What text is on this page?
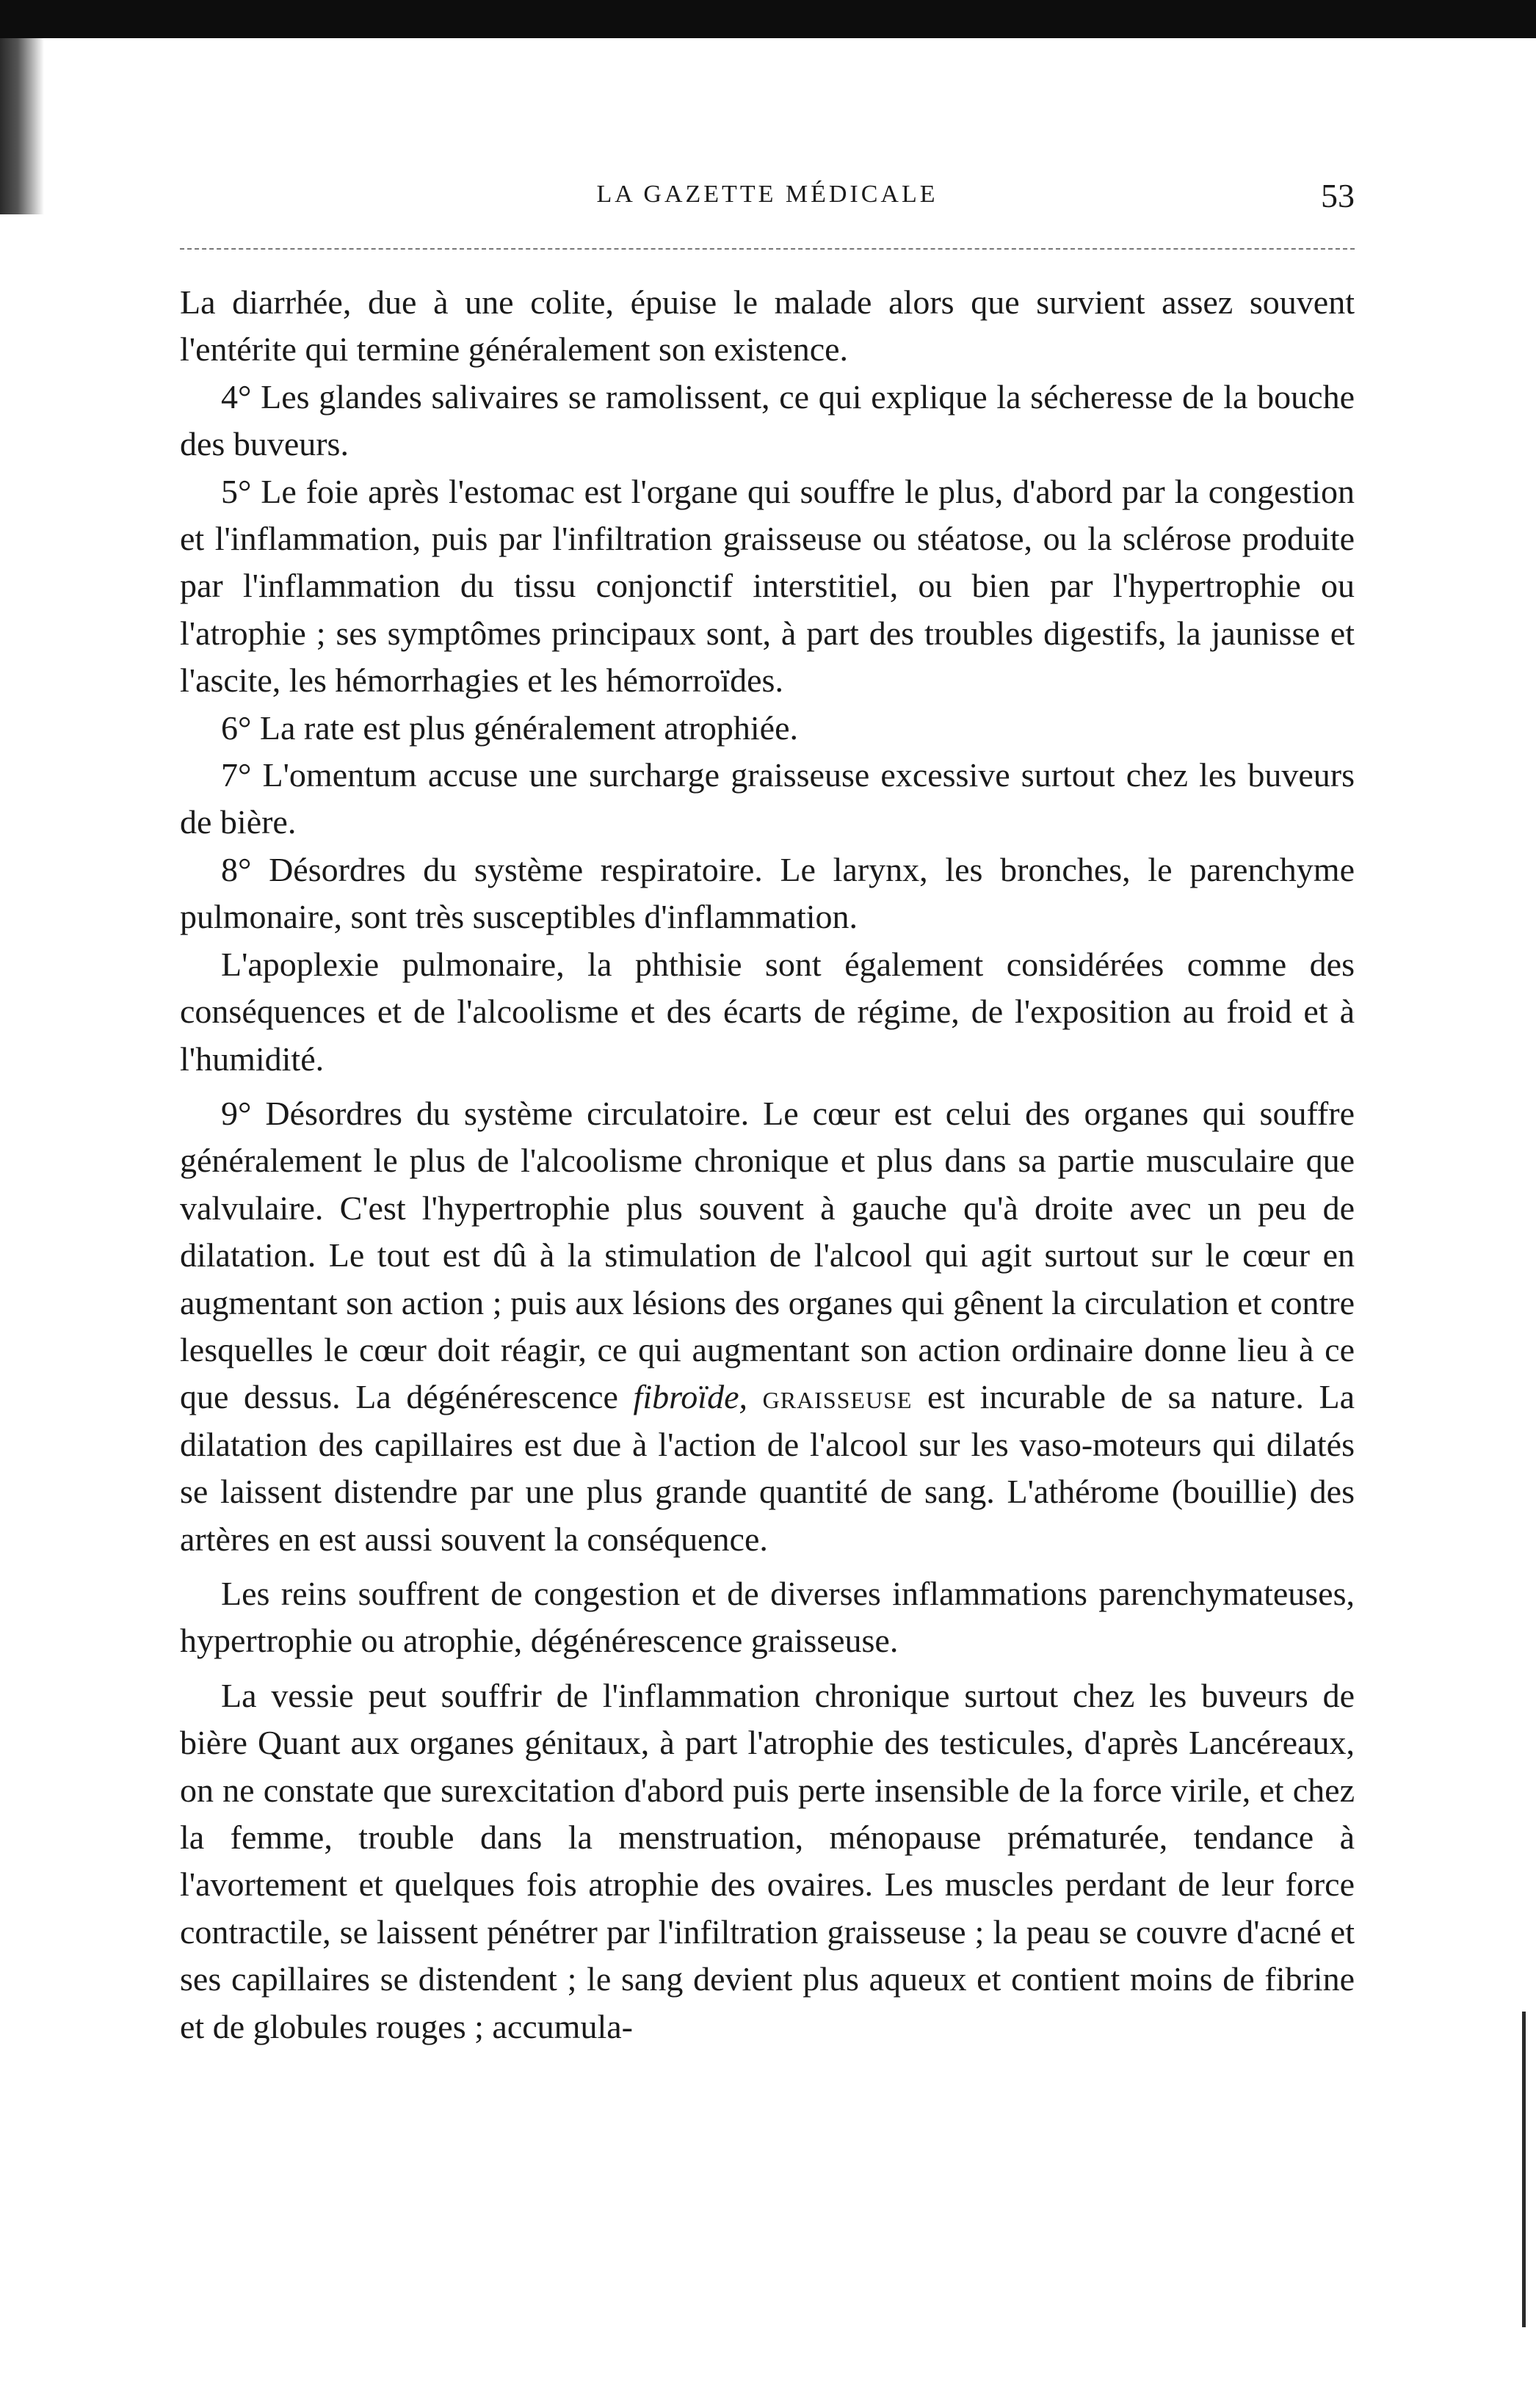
LA GAZETTE MÉDICALE	53

La diarrhée, due à une colite, épuise le malade alors que survient assez souvent l'entérite qui termine généralement son existence.

4° Les glandes salivaires se ramolissent, ce qui explique la sécheresse de la bouche des buveurs.

5° Le foie après l'estomac est l'organe qui souffre le plus, d'abord par la congestion et l'inflammation, puis par l'infiltration graisseuse ou stéatose, ou la sclérose produite par l'inflammation du tissu conjonctif interstitiel, ou bien par l'hypertrophie ou l'atrophie ; ses symptômes principaux sont, à part des troubles digestifs, la jaunisse et l'ascite, les hémorrhagies et les hémorroïdes.

6° La rate est plus généralement atrophiée.

7° L'omentum accuse une surcharge graisseuse excessive surtout chez les buveurs de bière.

8° Désordres du système respiratoire. Le larynx, les bronches, le parenchyme pulmonaire, sont très susceptibles d'inflammation.

L'apoplexie pulmonaire, la phthisie sont également considérées comme des conséquences et de l'alcoolisme et des écarts de régime, de l'exposition au froid et à l'humidité.

9° Désordres du système circulatoire. Le cœur est celui des organes qui souffre généralement le plus de l'alcoolisme chronique et plus dans sa partie musculaire que valvulaire. C'est l'hypertrophie plus souvent à gauche qu'à droite avec un peu de dilatation. Le tout est dû à la stimulation de l'alcool qui agit surtout sur le cœur en augmentant son action ; puis aux lésions des organes qui gênent la circulation et contre lesquelles le cœur doit réagir, ce qui augmentant son action ordinaire donne lieu à ce que dessus. La dégénérescence fibroïde, graisseuse est incurable de sa nature. La dilatation des capillaires est due à l'action de l'alcool sur les vaso-moteurs qui dilatés se laissent distendre par une plus grande quantité de sang. L'athérome (bouillie) des artères en est aussi souvent la conséquence.

Les reins souffrent de congestion et de diverses inflammations parenchymateuses, hypertrophie ou atrophie, dégénérescence graisseuse.

La vessie peut souffrir de l'inflammation chronique surtout chez les buveurs de bière Quant aux organes génitaux, à part l'atrophie des testicules, d'après Lancéreaux, on ne constate que surexcitation d'abord puis perte insensible de la force virile, et chez la femme, trouble dans la menstruation, ménopause prématurée, tendance à l'avortement et quelques fois atrophie des ovaires. Les muscles perdant de leur force contractile, se laissent pénétrer par l'infiltration graisseuse ; la peau se couvre d'acné et ses capillaires se distendent ; le sang devient plus aqueux et contient moins de fibrine et de globules rouges ; accumula-
